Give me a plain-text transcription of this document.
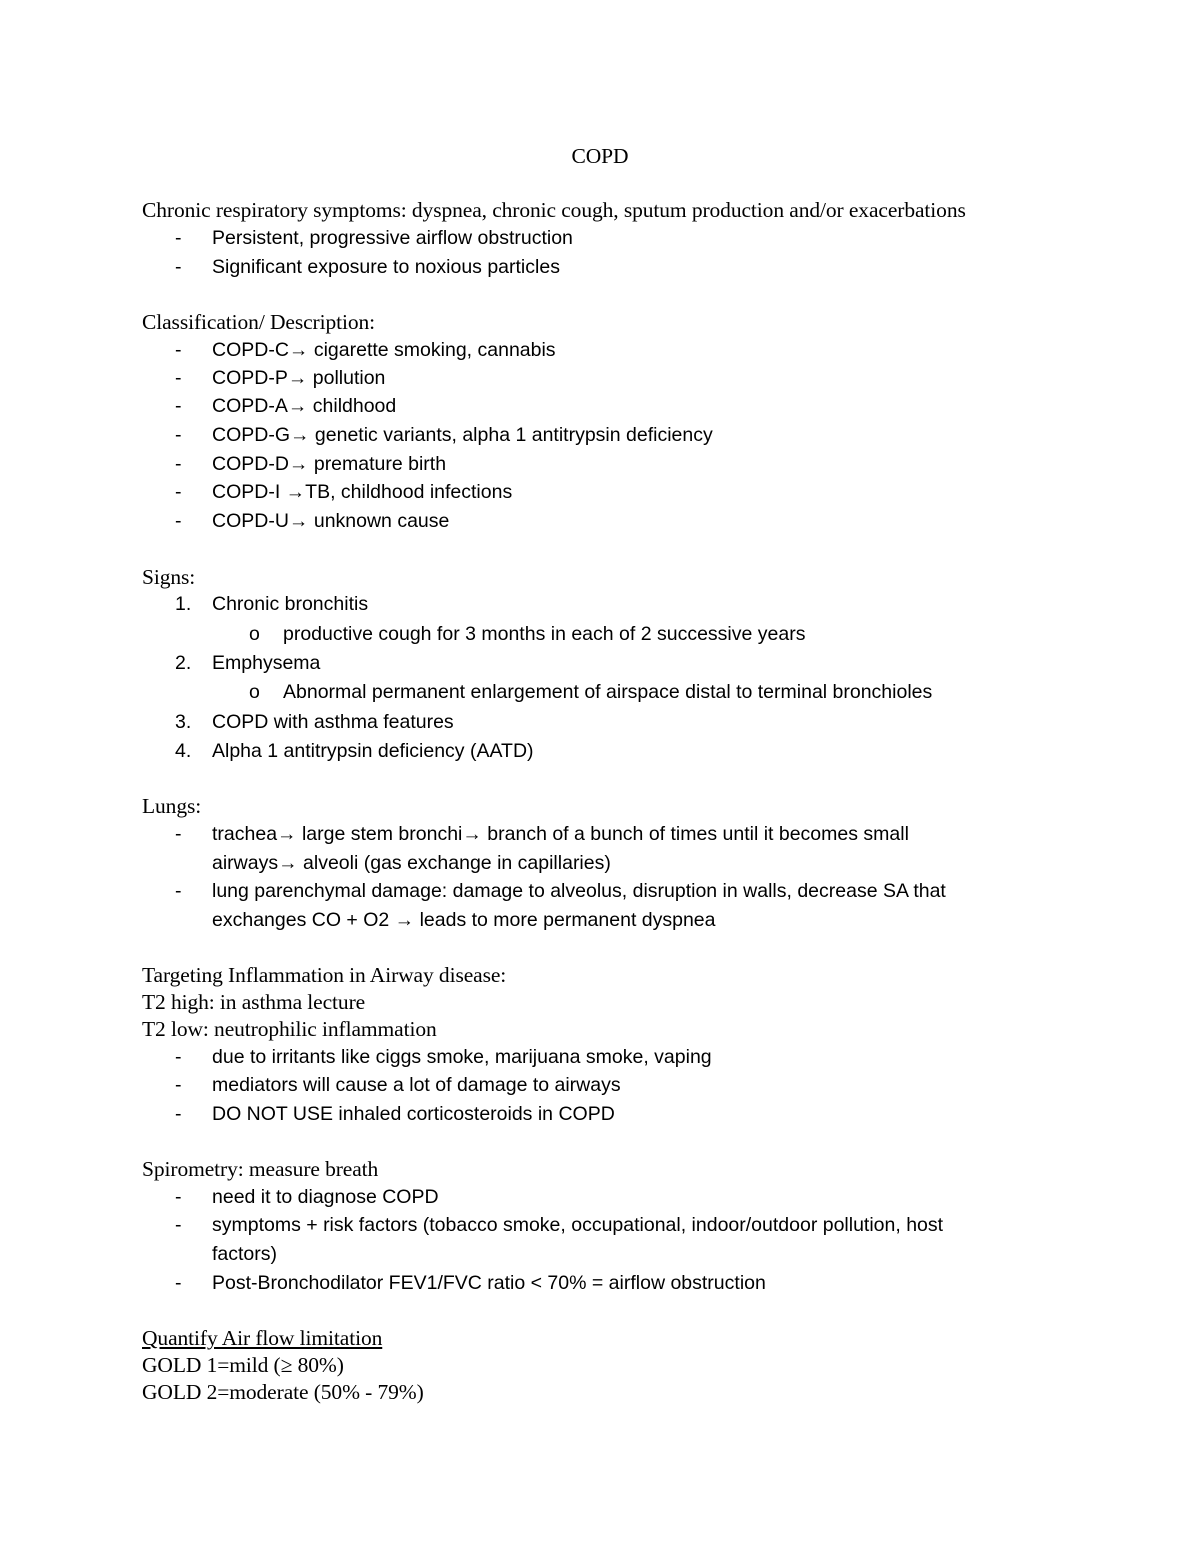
COPD
Chronic respiratory symptoms: dyspnea, chronic cough, sputum production and/or exacerbations
- Persistent, progressive airflow obstruction
- Significant exposure to noxious particles
Classification/ Description:
- COPD-C→ cigarette smoking, cannabis
- COPD-P→ pollution
- COPD-A→ childhood
- COPD-G→ genetic variants, alpha 1 antitrypsin deficiency
- COPD-D→ premature birth
- COPD-I →TB, childhood infections
- COPD-U→ unknown cause
Signs:
1. Chronic bronchitis
o productive cough for 3 months in each of 2 successive years
2. Emphysema
o Abnormal permanent enlargement of airspace distal to terminal bronchioles
3. COPD with asthma features
4. Alpha 1 antitrypsin deficiency (AATD)
Lungs:
- trachea→ large stem bronchi→ branch of a bunch of times until it becomes small
airways→ alveoli (gas exchange in capillaries)
- lung parenchymal damage: damage to alveolus, disruption in walls, decrease SA that
exchanges CO + O2 → leads to more permanent dyspnea
Targeting Inflammation in Airway disease:
T2 high: in asthma lecture
T2 low: neutrophilic inflammation
- due to irritants like ciggs smoke, marijuana smoke, vaping
- mediators will cause a lot of damage to airways
- DO NOT USE inhaled corticosteroids in COPD
Spirometry: measure breath
- need it to diagnose COPD
- symptoms + risk factors (tobacco smoke, occupational, indoor/outdoor pollution, host
factors)
- Post-Bronchodilator FEV1/FVC ratio < 70% = airflow obstruction
Quantify Air flow limitation
GOLD 1=mild (≥ 80%)
GOLD 2=moderate (50% - 79%)
